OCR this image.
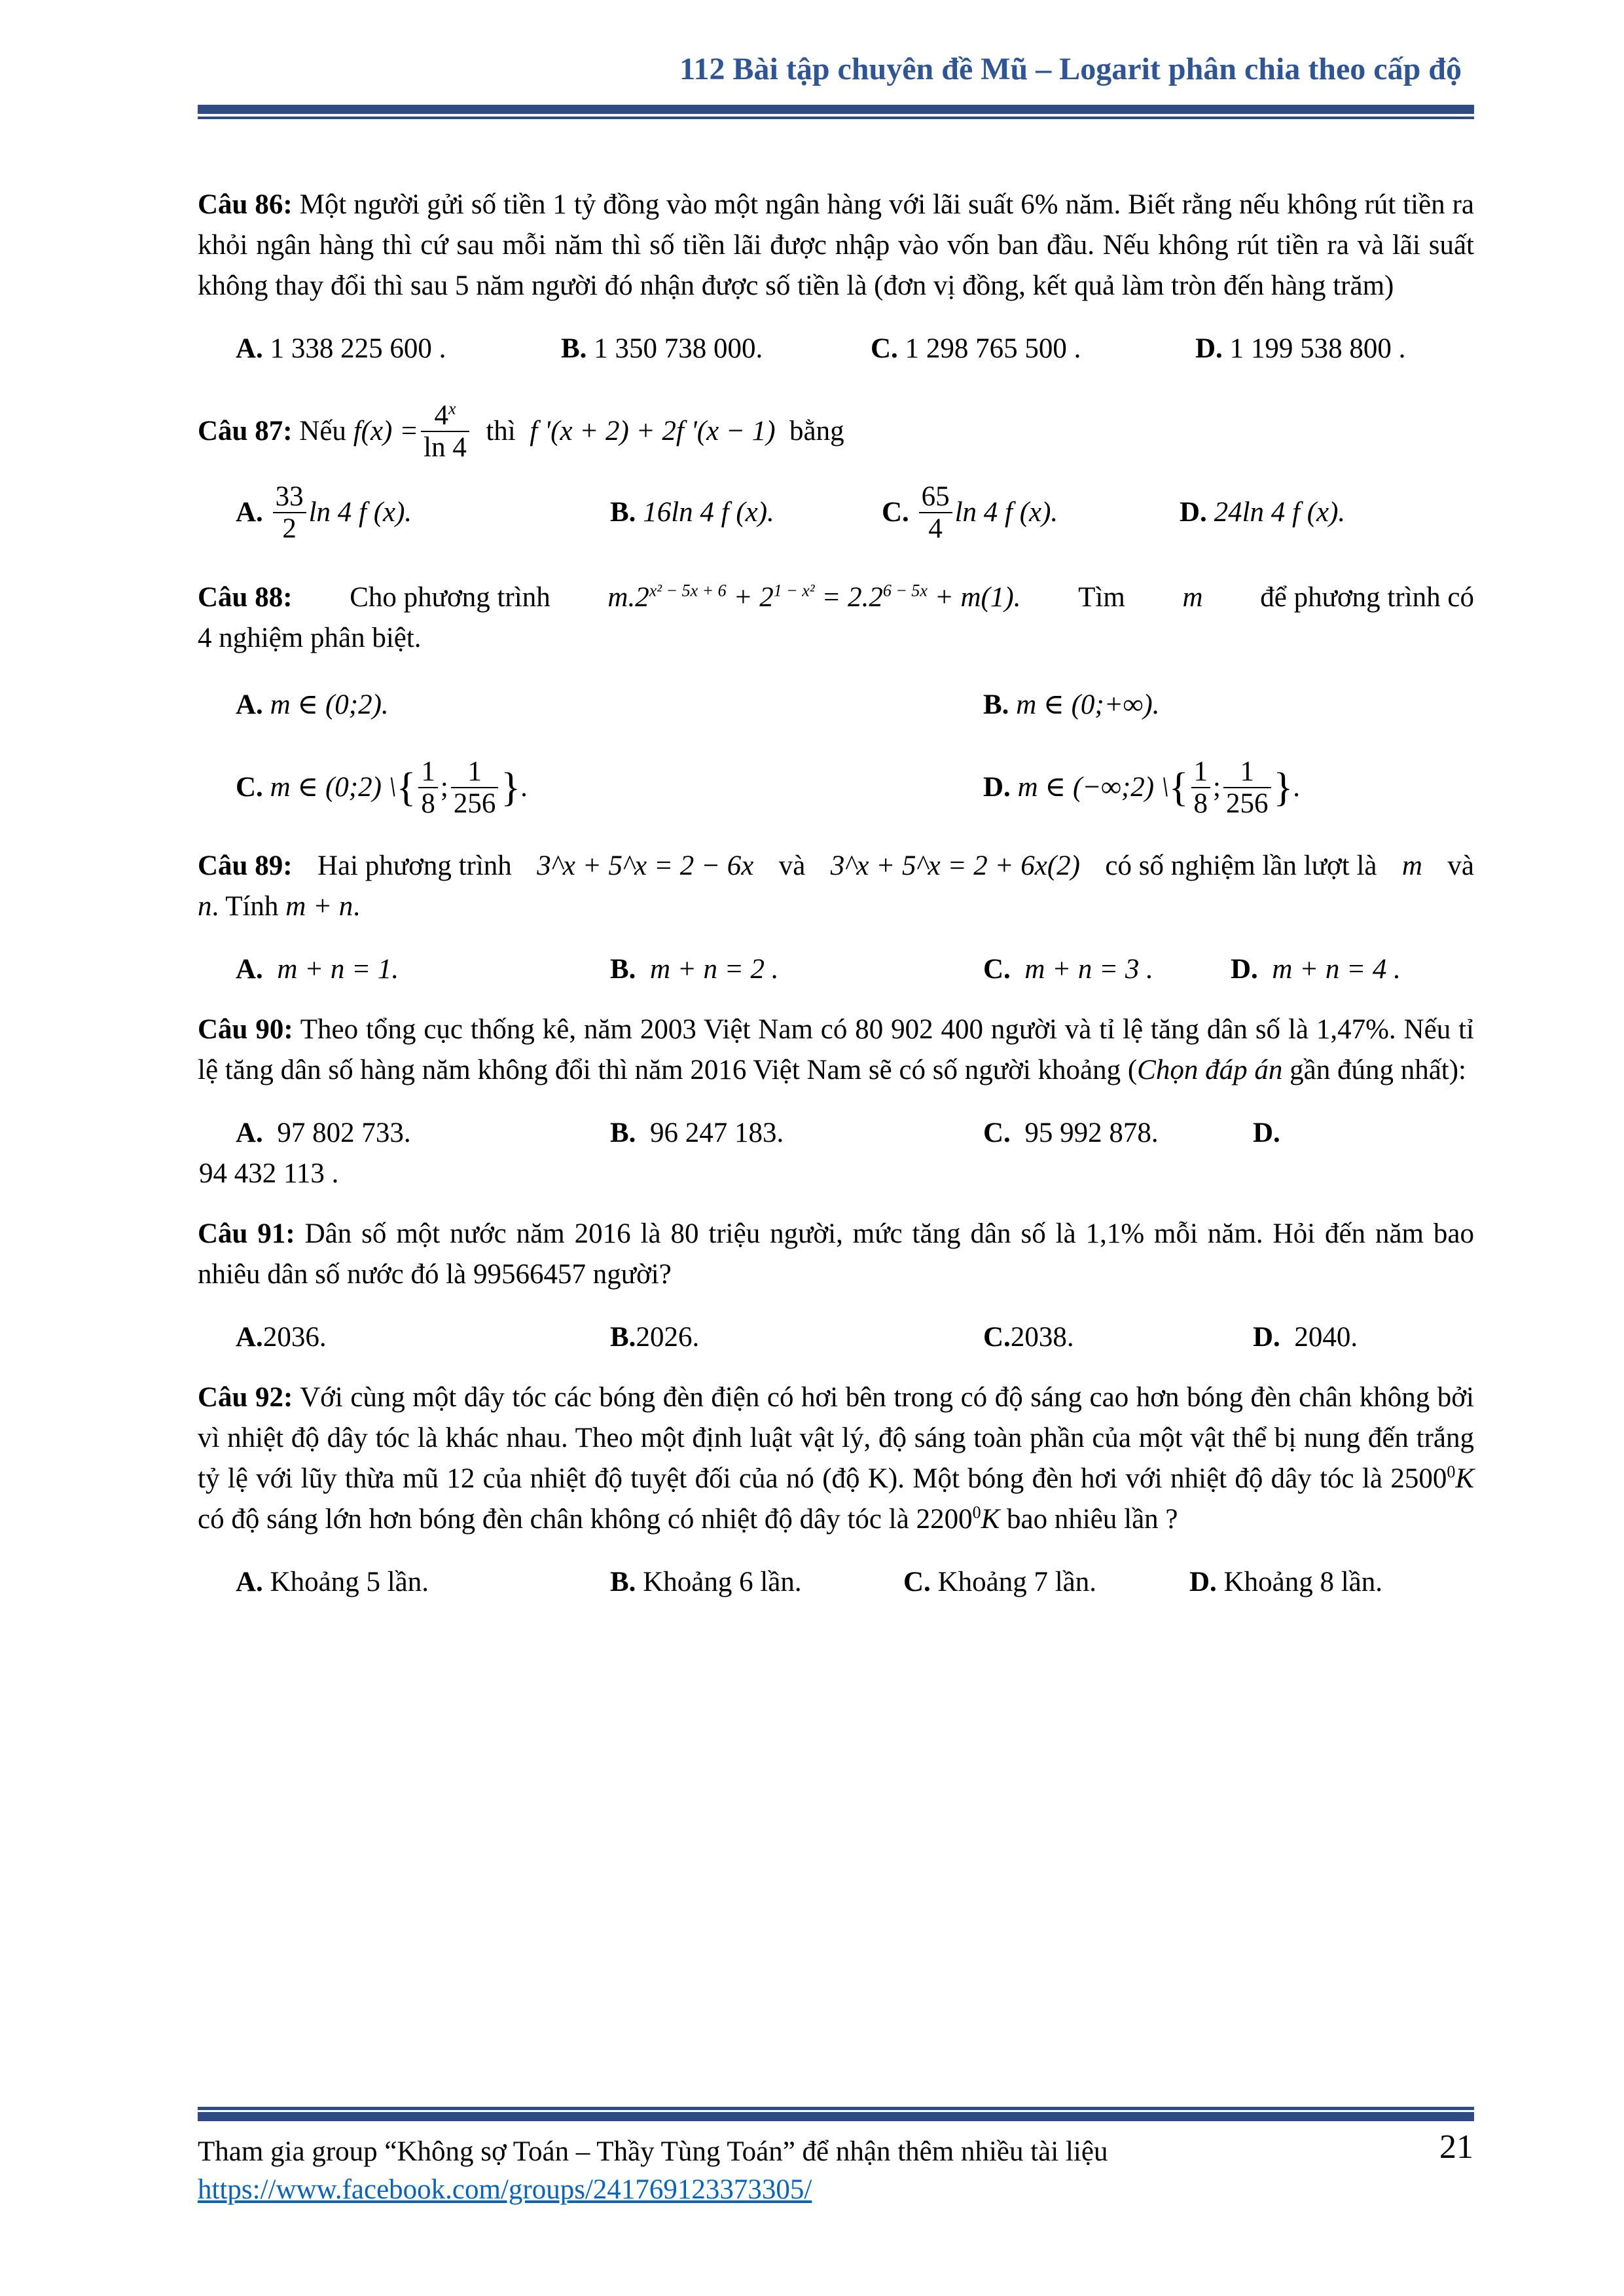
112 Bài tập chuyên đề Mũ – Logarit phân chia theo cấp độ
Câu 86: Một người gửi số tiền 1 tỷ đồng vào một ngân hàng với lãi suất 6% năm. Biết rằng nếu không rút tiền ra khỏi ngân hàng thì cứ sau mỗi năm thì số tiền lãi được nhập vào vốn ban đầu. Nếu không rút tiền ra và lãi suất không thay đổi thì sau 5 năm người đó nhận được số tiền là (đơn vị đồng, kết quả làm tròn đến hàng trăm)
A. 1 338 225 600 .	B. 1 350 738 000.	C. 1 298 765 500 .	D. 1 199 538 800 .
Câu 87:
Nếu
$f(x) = \frac{4^x}{\ln 4}$
thì
f '(x + 2) + 2f '(x − 1)
bằng
A.
$\frac{33}{2}$ ln 4 f (x).	B.
16ln 4 f (x).	C.
$\frac{65}{4}$ ln 4 f (x).	D.
24ln 4 f (x).
Câu 88: Cho phương trình $m.2^{x^2 - 5x + 6} + 2^{1 - x^2} = 2.2^{6 - 5x} + m(1)$. Tìm m để phương trình có
4 nghiệm phân biệt.
A. m ∈ (0;2).	B. m ∈ (0;+∞).
C.
m ∈ (0;2) \ { $\frac{1}{8}$ ; $\frac{1}{256}$ } .	D.
m ∈ (−∞;2) \ { $\frac{1}{8}$ ; $\frac{1}{256}$ } .
Câu 89: Hai phương trình 3^x + 5^x = 2 − 6x và 3^x + 5^x = 2 + 6x(2) có số nghiệm lần lượt là m và
n. Tính m + n.
A. m + n = 1.	B. m + n = 2 .	C. m + n = 3 .	D. m + n = 4 .
Câu 90: Theo tổng cục thống kê, năm 2003 Việt Nam có 80 902 400 người và tỉ lệ tăng dân số là 1,47%. Nếu tỉ lệ tăng dân số hàng năm không đổi thì năm 2016 Việt Nam sẽ có số người khoảng (Chọn đáp án gần đúng nhất):
A. 97 802 733.	B. 96 247 183.	C. 95 992 878.	D.
94 432 113 .
Câu 91: Dân số một nước năm 2016 là 80 triệu người, mức tăng dân số là 1,1% mỗi năm. Hỏi đến năm bao nhiêu dân số nước đó là 99566457 người?
A.2036.	B.2026.	C.2038.	D. 2040.
Câu 92: Với cùng một dây tóc các bóng đèn điện có hơi bên trong có độ sáng cao hơn bóng đèn chân không bởi vì nhiệt độ dây tóc là khác nhau. Theo một định luật vật lý, độ sáng toàn phần của một vật thể bị nung đến trắng tỷ lệ với lũy thừa mũ 12 của nhiệt độ tuyệt đối của nó (độ K). Một bóng đèn hơi với nhiệt độ dây tóc là 2500$^0$K có độ sáng lớn hơn bóng đèn chân không có nhiệt độ dây tóc là 2200$^0$K bao nhiêu lần ?
A. Khoảng 5 lần.	B. Khoảng 6 lần.	C. Khoảng 7 lần.	D. Khoảng 8 lần.
Tham gia group “Không sợ Toán – Thầy Tùng Toán” để nhận thêm nhiều tài liệu
https://www.facebook.com/groups/241769123373305/
21
